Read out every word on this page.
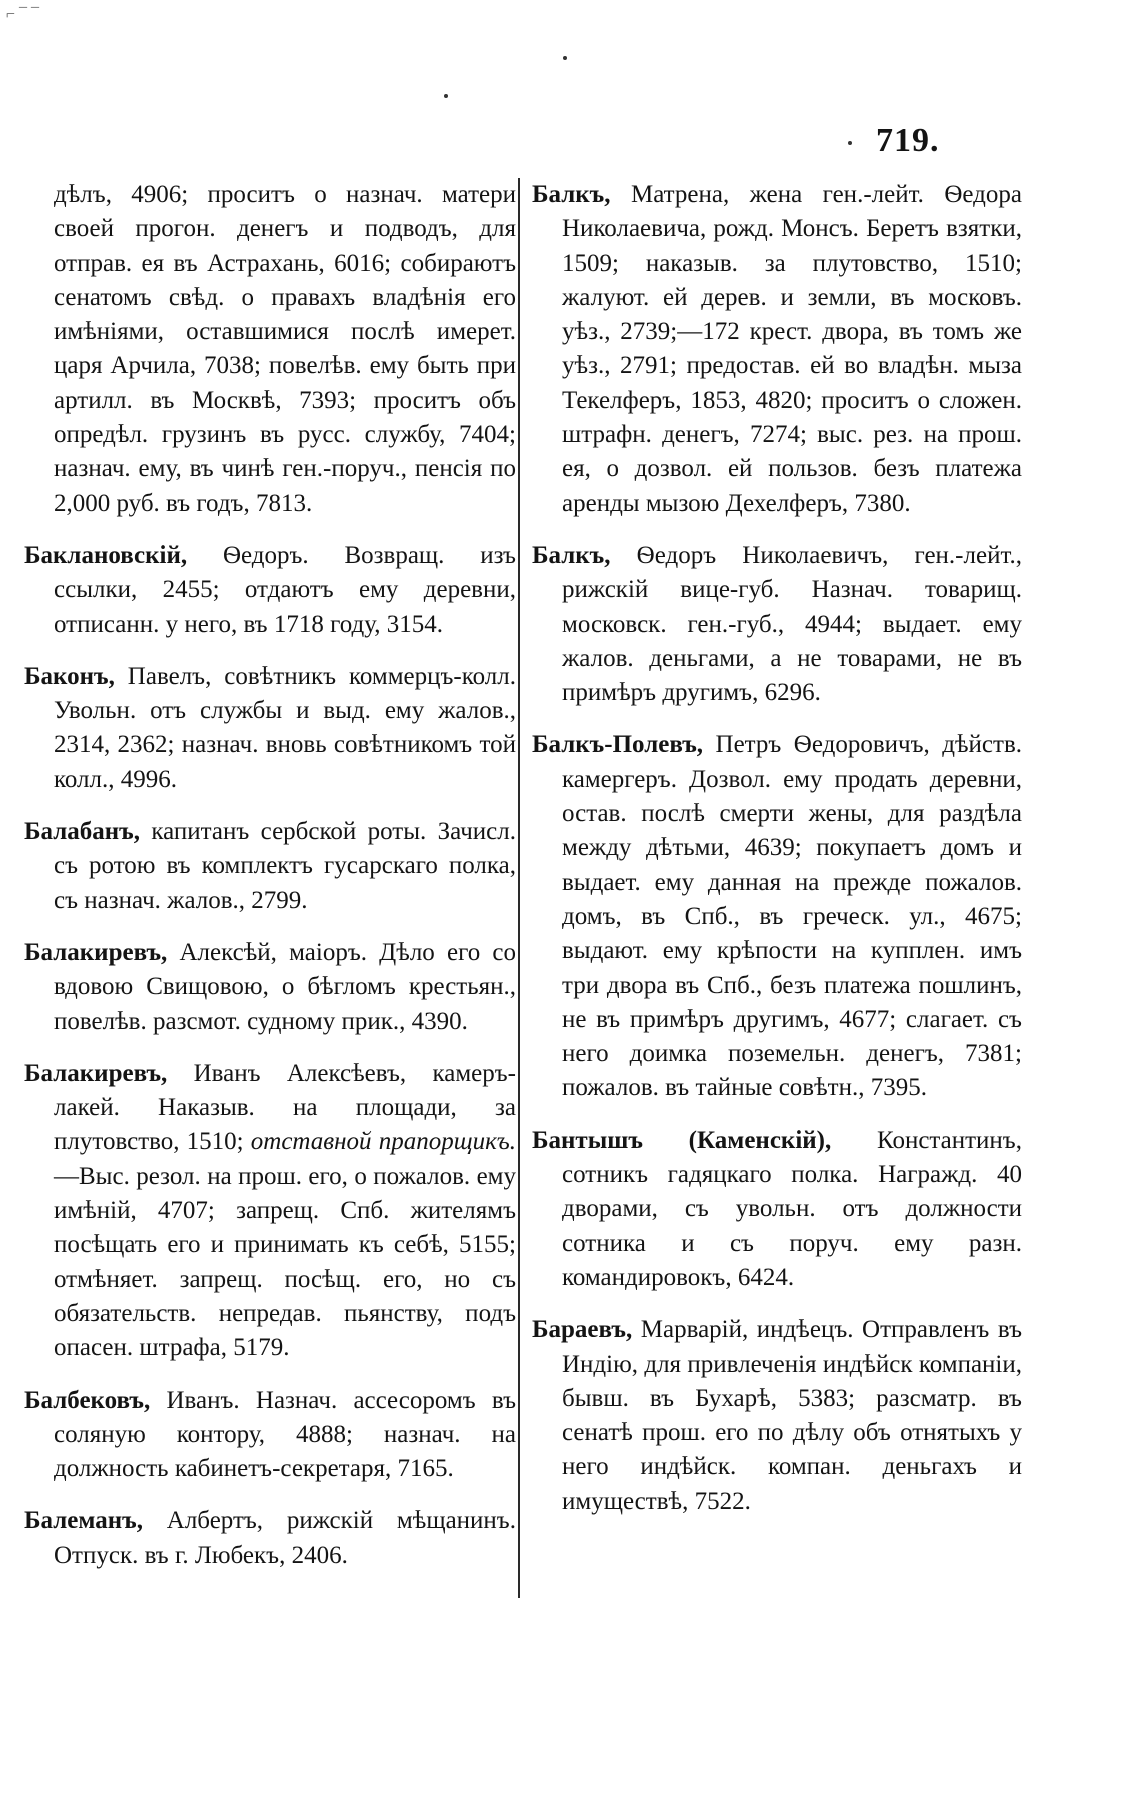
⌐ ¯ ¯
719.

дѣлъ, 4906; проситъ о назнач. матери своей прогон. денегъ и подводъ, для отправ. ея въ Астрахань, 6016; собираютъ сенатомъ свѣд. о правахъ владѣнія его имѣніями, оставшимися послѣ имерет. царя Арчила, 7038; повелѣв. ему быть при артилл. въ Москвѣ, 7393; проситъ объ опредѣл. грузинъ въ русс. службу, 7404; назнач. ему, въ чинѣ ген.-поруч., пенсія по 2,000 руб. въ годъ, 7813.

Баклановскій, Ѳедоръ. Возвращ. изъ ссылки, 2455; отдаютъ ему деревни, отписанн. у него, въ 1718 году, 3154.

Баконъ, Павелъ, совѣтникъ коммерцъ-колл. Увольн. отъ службы и выд. ему жалов., 2314, 2362; назнач. вновь совѣтникомъ той колл., 4996.

Балабанъ, капитанъ сербской роты. Зачисл. съ ротою въ комплектъ гусарскаго полка, съ назнач. жалов., 2799.

Балакиревъ, Алексѣй, маіоръ. Дѣло его со вдовою Свищовою, о бѣгломъ крестьян., повелѣв. разсмот. судному прик., 4390.

Балакиревъ, Иванъ Алексѣевъ, камеръ-лакей. Наказыв. на площади, за плутовство, 1510; отставной прапорщикъ.—Выс. резол. на прош. его, о пожалов. ему имѣній, 4707; запрещ. Спб. жителямъ посѣщать его и принимать къ себѣ, 5155; отмѣняет. запрещ. посѣщ. его, но съ обязательств. непредав. пьянству, подъ опасен. штрафа, 5179.

Балбековъ, Иванъ. Назнач. ассесоромъ въ соляную контору, 4888; назнач. на должность кабинетъ-секретаря, 7165.

Балеманъ, Албертъ, рижскій мѣщанинъ. Отпуск. въ г. Любекъ, 2406.

Балкъ, Матрена, жена ген.-лейт. Ѳедора Николаевича, рожд. Монсъ. Беретъ взятки, 1509; наказыв. за плутовство, 1510; жалуют. ей дерев. и земли, въ московъ. уѣз., 2739;—172 крест. двора, въ томъ же уѣз., 2791; предостав. ей во владѣн. мыза Текелферъ, 1853, 4820; проситъ о сложен. штрафн. денегъ, 7274; выс. рез. на прош. ея, о дозвол. ей пользов. безъ платежа аренды мызою Дехелферъ, 7380.

Балкъ, Ѳедоръ Николаевичъ, ген.-лейт., рижскій вице-губ. Назнач. товарищ. московск. ген.-губ., 4944; выдает. ему жалов. деньгами, а не товарами, не въ примѣръ другимъ, 6296.

Балкъ-Полевъ, Петръ Ѳедоровичъ, дѣйств. камергеръ. Дозвол. ему продать деревни, остав. послѣ смерти жены, для раздѣла между дѣтьми, 4639; покупаетъ домъ и выдает. ему данная на прежде пожалов. домъ, въ Спб., въ греческ. ул., 4675; выдают. ему крѣпости на купплен. имъ три двора въ Спб., безъ платежа пошлинъ, не въ примѣръ другимъ, 4677; слагает. съ него доимка поземельн. денегъ, 7381; пожалов. въ тайные совѣтн., 7395.

Бантышъ (Каменскій), Константинъ, сотникъ гадяцкаго полка. Награжд. 40 дворами, съ увольн. отъ должности сотника и съ поруч. ему разн. командировокъ, 6424.

Бараевъ, Марварій, индѣецъ. Отправленъ въ Индію, для привлеченія индѣйск компаніи, бывш. въ Бухарѣ, 5383; разсматр. въ сенатѣ прош. его по дѣлу объ отнятыхъ у него индѣйск. компан. деньгахъ и имуществѣ, 7522.
